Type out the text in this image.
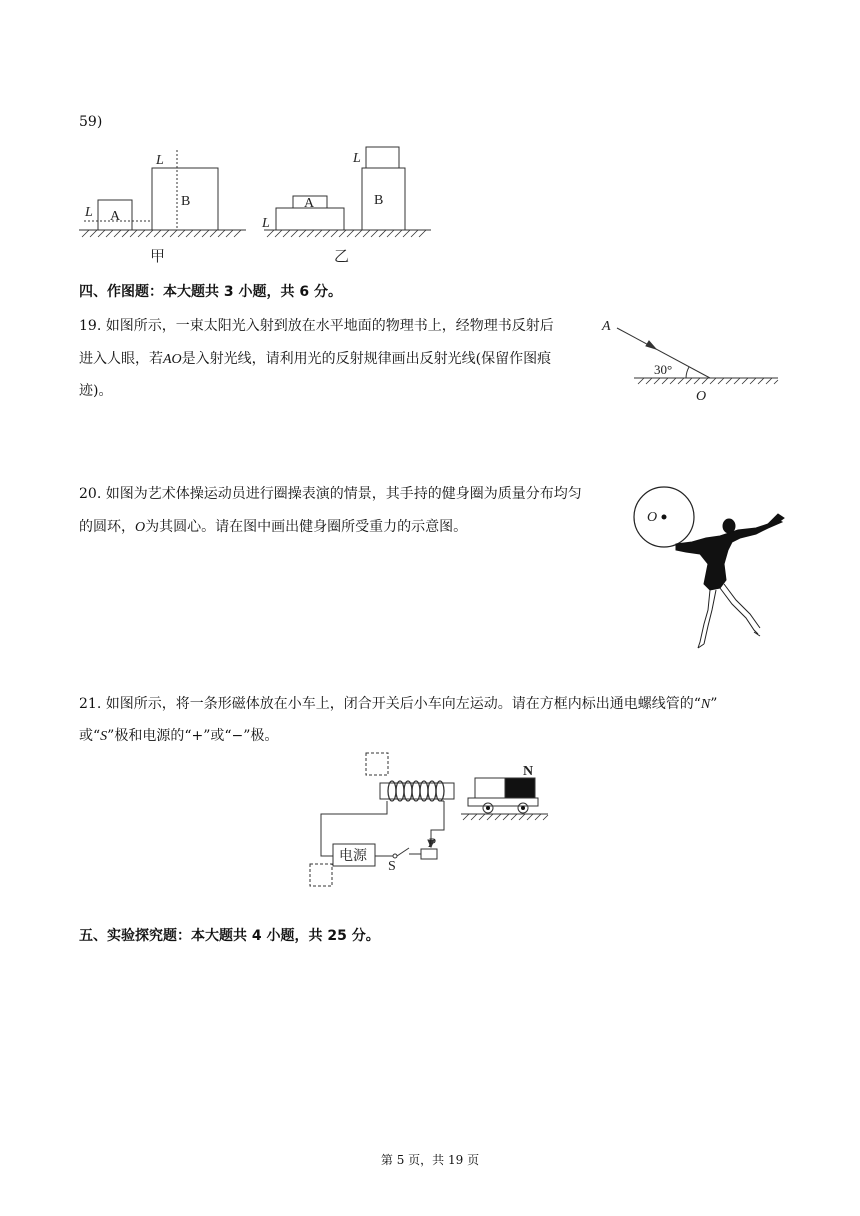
59)
A
B
L
L
甲
A	B
L
L
乙
四、作图题：本大题共 3 小题，共 6 分。
19. 如图所示，一束太阳光入射到放在水平地面的物理书上，经物理书反射后
进入人眼，若AO是入射光线，请利用光的反射规律画出反射光线(保留作图痕
迹)。
A
30°
O
20. 如图为艺术体操运动员进行圈操表演的情景，其手持的健身圈为质量分布均匀
的圆环，O为其圆心。请在图中画出健身圈所受重力的示意图。
O
21. 如图所示，将一条形磁体放在小车上，闭合开关后小车向左运动。请在方框内标出通电螺线管的“N”
或“S”极和电源的“+”或“−”极。
电源
S
P
N
五、实验探究题：本大题共 4 小题，共 25 分。
第 5 页，共 19 页
